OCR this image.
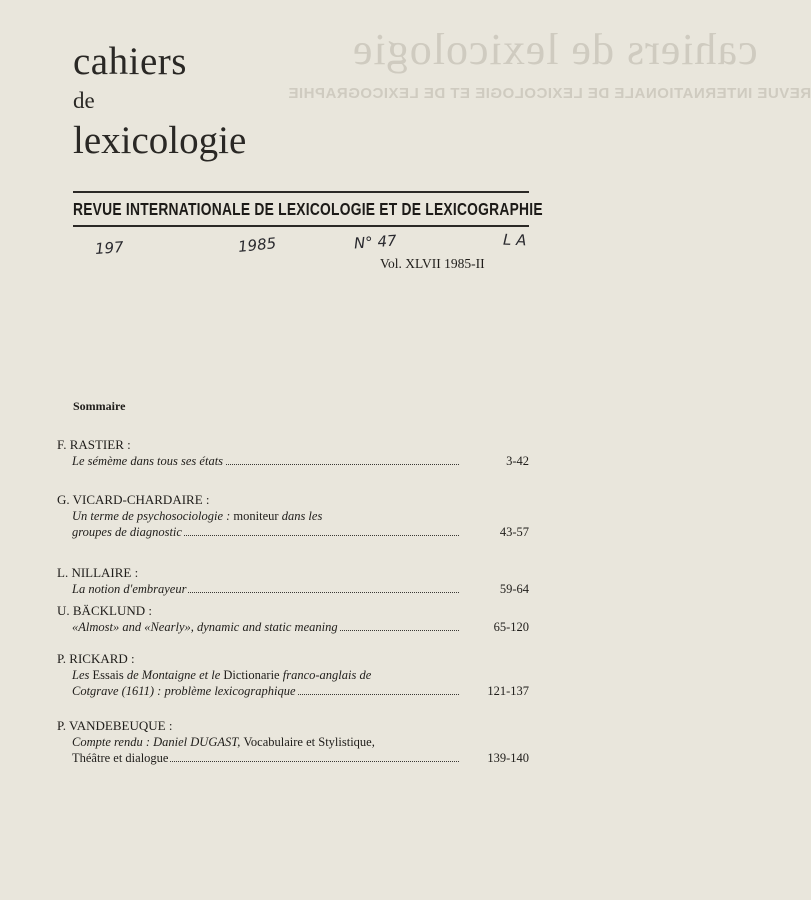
cahiers de lexicologie
REVUE INTERNATIONALE DE LEXICOLOGIE ET DE LEXICOGRAPHIE
cahiers
de
lexicologie
REVUE INTERNATIONALE DE LEXICOLOGIE ET DE LEXICOGRAPHIE
197	1985	N° 47	L A
Vol. XLVII 1985-II
Sommaire
F. RASTIER :
Le sémème dans tous ses états	3-42
G. VICARD-CHARDAIRE :
Un terme de psychosociologie : moniteur dans les
groupes de diagnostic	43-57
L. NILLAIRE :
La notion d'embrayeur	59-64
U. BÄCKLUND :
«Almost» and «Nearly», dynamic and static meaning	65-120
P. RICKARD :
Les Essais de Montaigne et le Dictionarie franco-anglais de
Cotgrave (1611) : problème lexicographique	121-137
P. VANDEBEUQUE :
Compte rendu : Daniel DUGAST, Vocabulaire et Stylistique,
Théâtre et dialogue	139-140
